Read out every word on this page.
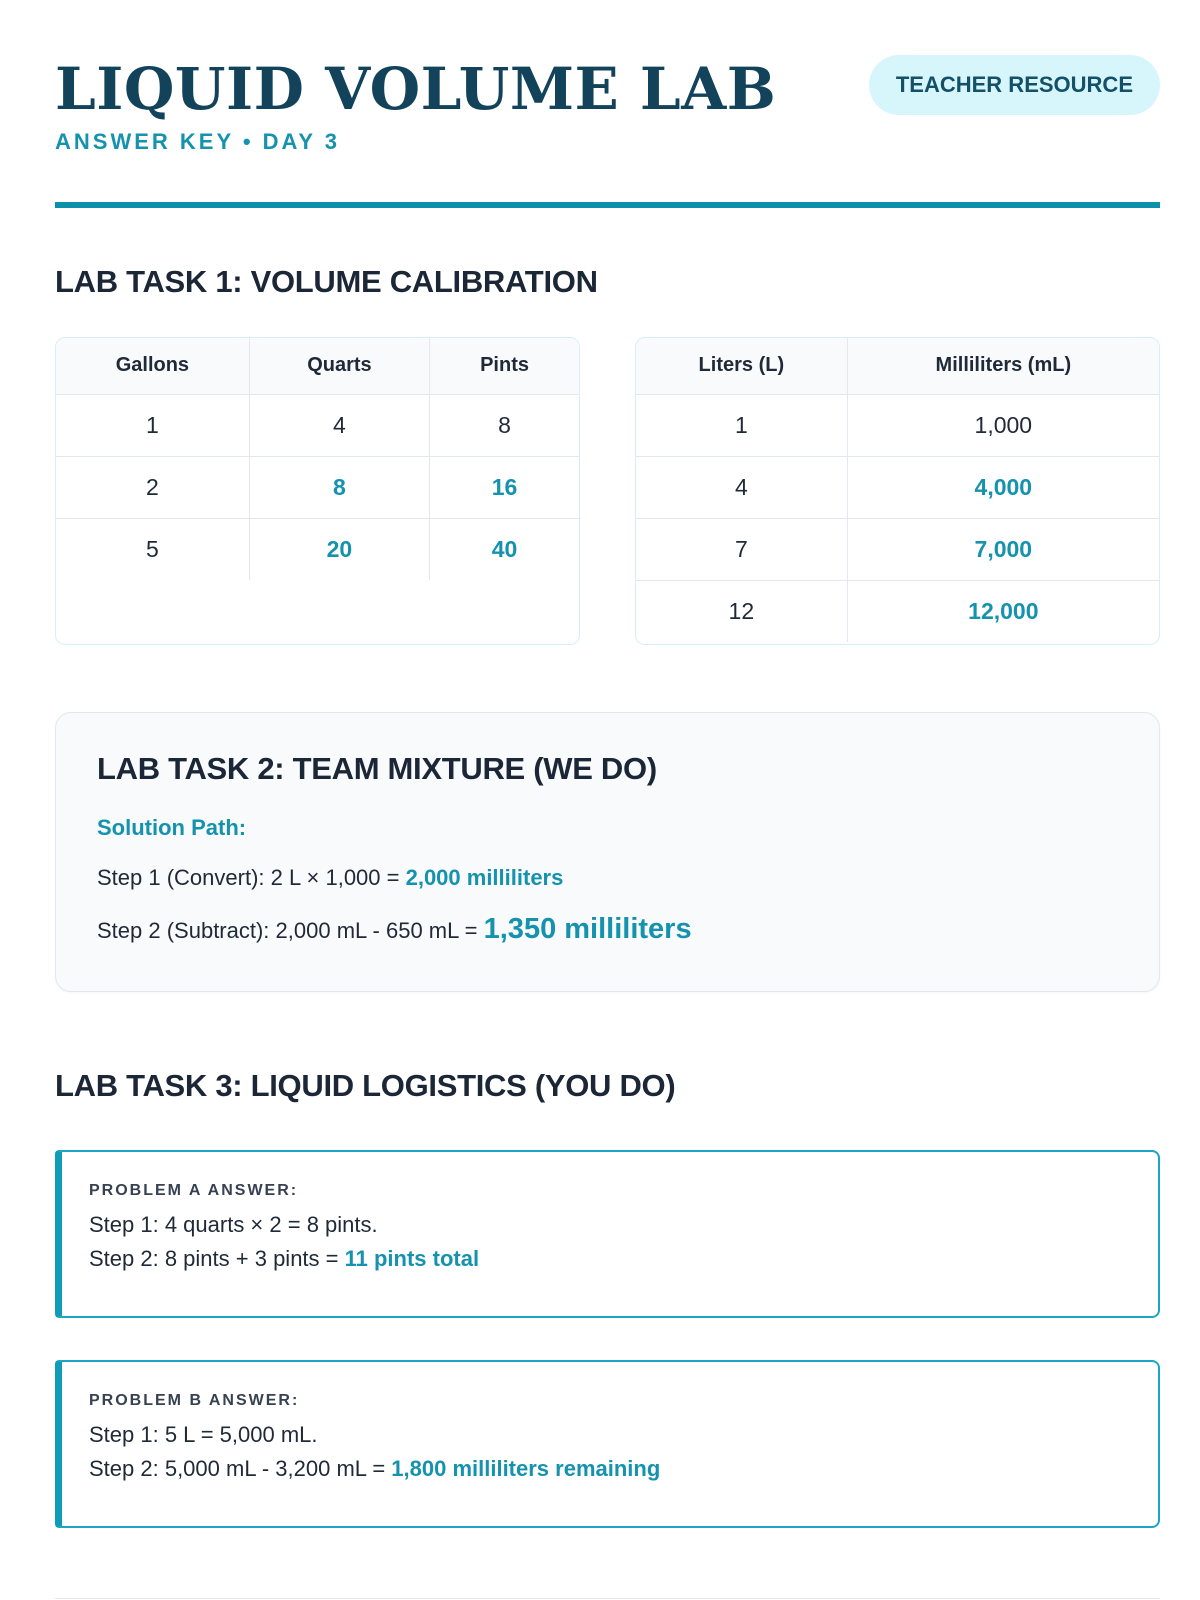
LIQUID VOLUME LAB
ANSWER KEY • DAY 3
TEACHER RESOURCE
LAB TASK 1: VOLUME CALIBRATION
Gallons	Quarts	Pints
1	4	8
2	8	16
5	20	40
Liters (L)	Milliliters (mL)
1	1,000
4	4,000
7	7,000
12	12,000
LAB TASK 2: TEAM MIXTURE (WE DO)
Solution Path:
Step 1 (Convert): 2 L × 1,000 = 2,000 milliliters
Step 2 (Subtract): 2,000 mL - 650 mL = 1,350 milliliters
LAB TASK 3: LIQUID LOGISTICS (YOU DO)
PROBLEM A ANSWER:
Step 1: 4 quarts × 2 = 8 pints.
Step 2: 8 pints + 3 pints = 11 pints total
PROBLEM B ANSWER:
Step 1: 5 L = 5,000 mL.
Step 2: 5,000 mL - 3,200 mL = 1,800 milliliters remaining
